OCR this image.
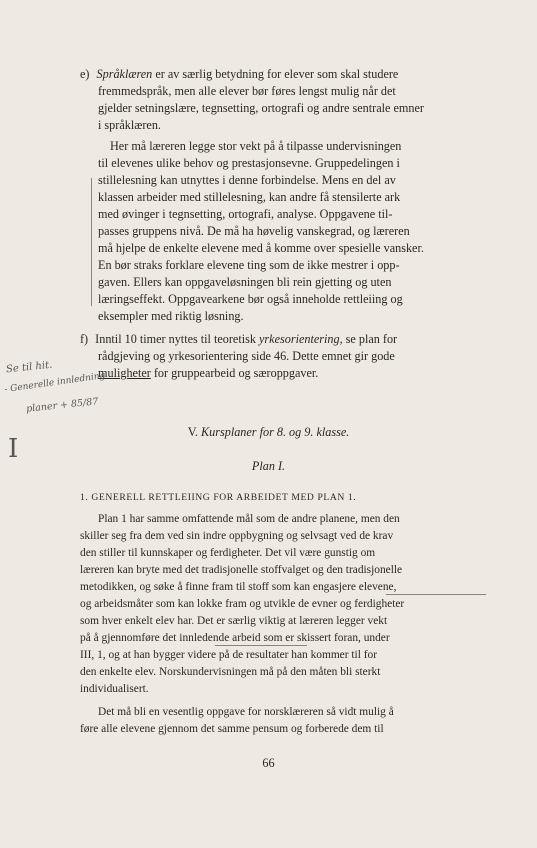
e) Språklæren er av særlig betydning for elever som skal studere
fremmedspråk, men alle elever bør føres lengst mulig når det
gjelder setningslære, tegnsetting, ortografi og andre sentrale emner
i språklæren.
Her må læreren legge stor vekt på å tilpasse undervisningen
til elevenes ulike behov og prestasjonsevne. Gruppedelingen i
stillelesning kan utnyttes i denne forbindelse. Mens en del av
klassen arbeider med stillelesning, kan andre få stensilerte ark
med øvinger i tegnsetting, ortografi, analyse. Oppgavene til-
passes gruppens nivå. De må ha høvelig vanskegrad, og læreren
må hjelpe de enkelte elevene med å komme over spesielle vansker.
En bør straks forklare elevene ting som de ikke mestrer i opp-
gaven. Ellers kan oppgaveløsningen bli rein gjetting og uten
læringseffekt. Oppgavearkene bør også inneholde rettleiing og
eksempler med riktig løsning.
f) Inntil 10 timer nyttes til teoretisk yrkesorientering, se plan for
rådgjeving og yrkesorientering side 46. Dette emnet gir gode
muligheter for gruppearbeid og særoppgaver.
Se til hit.
- Generelle innledning
planer + 85/87
I
V. Kursplaner for 8. og 9. klasse.
Plan I.
1. GENERELL RETTLEIING FOR ARBEIDET MED PLAN 1.
Plan 1 har samme omfattende mål som de andre planene, men den
skiller seg fra dem ved sin indre oppbygning og selvsagt ved de krav
den stiller til kunnskaper og ferdigheter. Det vil være gunstig om
læreren kan bryte med det tradisjonelle stoffvalget og den tradisjonelle
metodikken, og søke å finne fram til stoff som kan engasjere elevene,
og arbeidsmåter som kan lokke fram og utvikle de evner og ferdigheter
som hver enkelt elev har. Det er særlig viktig at læreren legger vekt
på å gjennomføre det innledende arbeid som er skissert foran, under
III, 1, og at han bygger videre på de resultater han kommer til for
den enkelte elev. Norskundervisningen må på den måten bli sterkt
individualisert.
Det må bli en vesentlig oppgave for norsklæreren så vidt mulig å
føre alle elevene gjennom det samme pensum og forberede dem til
66
